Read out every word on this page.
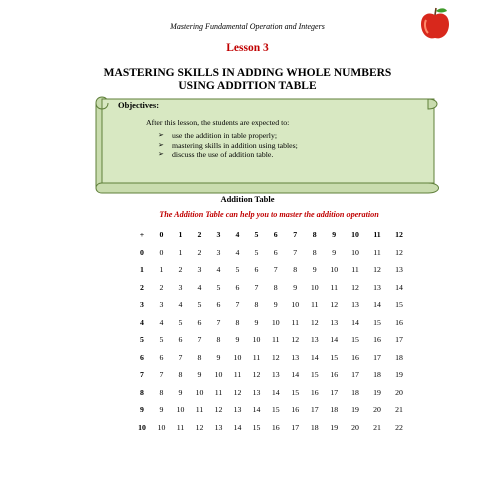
Mastering Fundamental Operation and Integers
Lesson 3
MASTERING SKILLS IN ADDING WHOLE NUMBERS
USING ADDITION TABLE
Objectives:
After this lesson, the students are expected to:
➢	use the addition in table properly;
➢	mastering skills in addition using tables;
➢	discuss the use of addition table.
Addition Table
The Addition Table can help you to master the addition operation
+	0	1	2	3	4	5	6	7	8	9	10	11	12
0	0	1	2	3	4	5	6	7	8	9	10	11	12
1	1	2	3	4	5	6	7	8	9	10	11	12	13
2	2	3	4	5	6	7	8	9	10	11	12	13	14
3	3	4	5	6	7	8	9	10	11	12	13	14	15
4	4	5	6	7	8	9	10	11	12	13	14	15	16
5	5	6	7	8	9	10	11	12	13	14	15	16	17
6	6	7	8	9	10	11	12	13	14	15	16	17	18
7	7	8	9	10	11	12	13	14	15	16	17	18	19
8	8	9	10	11	12	13	14	15	16	17	18	19	20
9	9	10	11	12	13	14	15	16	17	18	19	20	21
10	10	11	12	13	14	15	16	17	18	19	20	21	22
